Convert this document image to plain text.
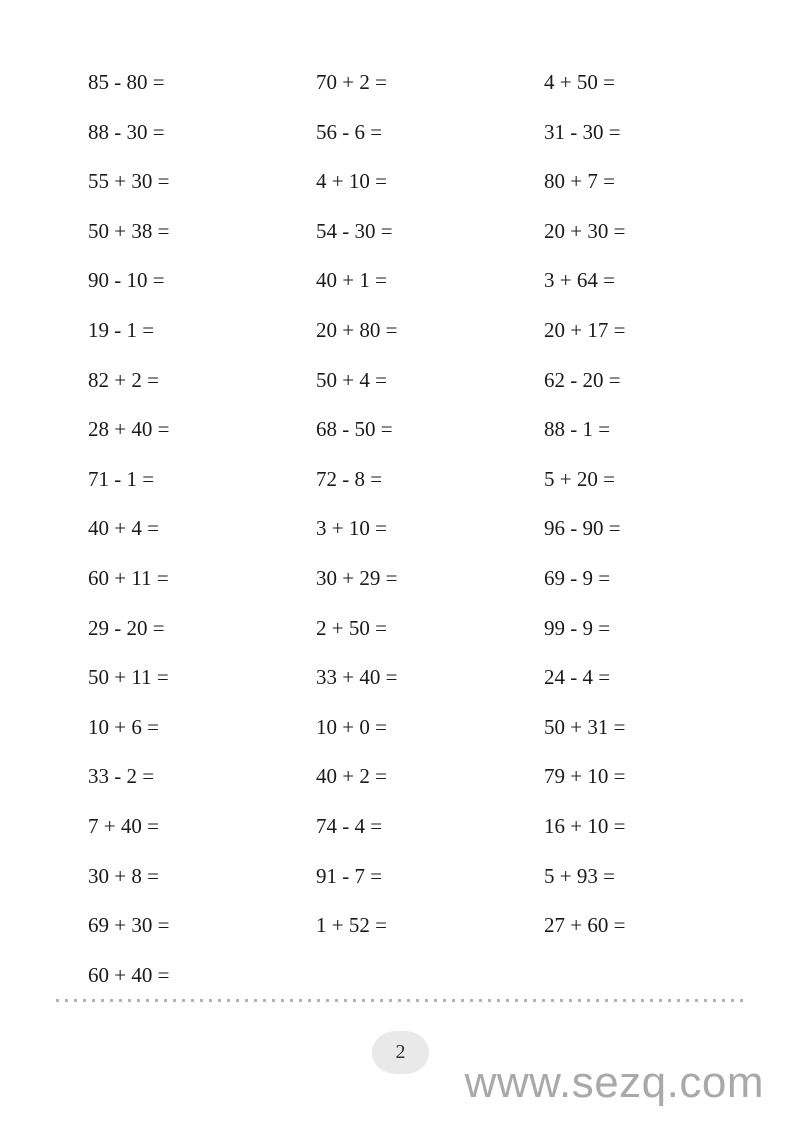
85 - 80 =
88 - 30 =
55 + 30 =
50 + 38 =
90 - 10 =
19 - 1 =
82 + 2 =
28 + 40 =
71 - 1 =
40 + 4 =
60 + 11 =
29 - 20 =
50 + 11 =
10 + 6 =
33 - 2 =
7 + 40 =
30 + 8 =
69 + 30 =
60 + 40 =
70 + 2 =
56 - 6 =
4 + 10 =
54 - 30 =
40 + 1 =
20 + 80 =
50 + 4 =
68 - 50 =
72 - 8 =
3 + 10 =
30 + 29 =
2 + 50 =
33 + 40 =
10 + 0 =
40 + 2 =
74 - 4 =
91 - 7 =
1 + 52 =
4 + 50 =
31 - 30 =
80 + 7 =
20 + 30 =
3 + 64 =
20 + 17 =
62 - 20 =
88 - 1 =
5 + 20 =
96 - 90 =
69 - 9 =
99 - 9 =
24 - 4 =
50 + 31 =
79 + 10 =
16 + 10 =
5 + 93 =
27 + 60 =
2
www.sezq.com
